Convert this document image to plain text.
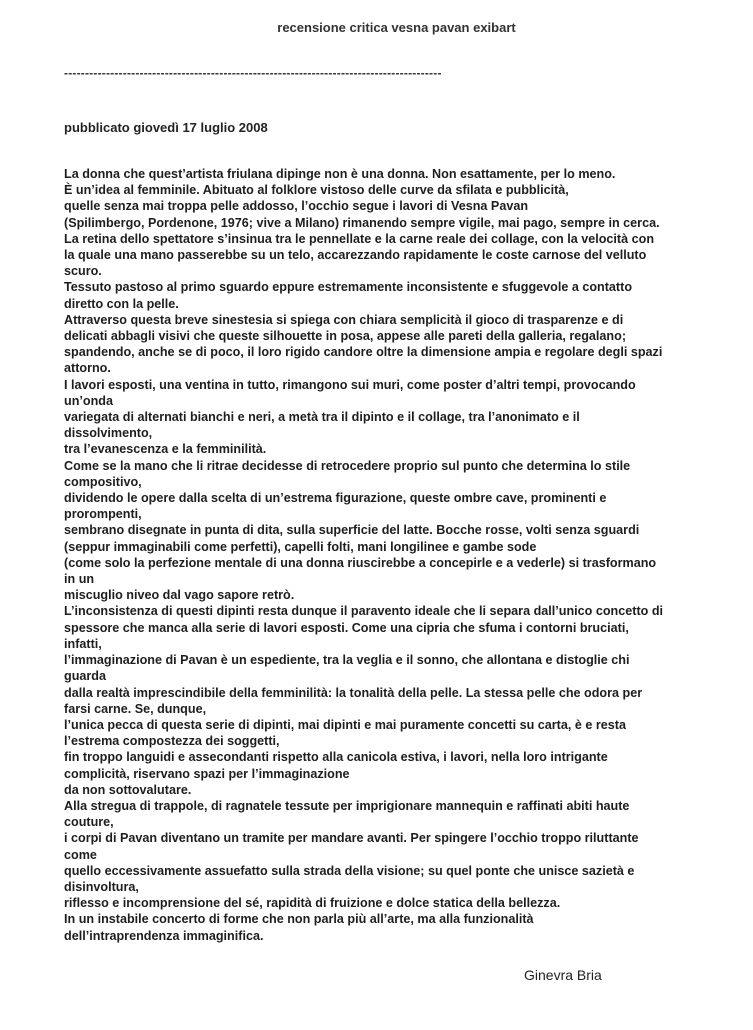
recensione critica vesna pavan exibart
------------------------------------------------------------------------------------------
pubblicato giovedì 17 luglio 2008
La donna che quest’artista friulana dipinge non è una donna. Non esattamente, per lo meno.
È un’idea al femminile. Abituato al folklore vistoso delle curve da sfilata e pubblicità,
quelle senza mai troppa pelle addosso, l’occhio segue i lavori di Vesna Pavan
(Spilimbergo, Pordenone, 1976; vive a Milano) rimanendo sempre vigile, mai pago, sempre in cerca.
La retina dello spettatore s’insinua tra le pennellate e la carne reale dei collage, con la velocità con
la quale una mano passerebbe su un telo, accarezzando rapidamente le coste carnose del velluto
scuro.
Tessuto pastoso al primo sguardo eppure estremamente inconsistente e sfuggevole a contatto
diretto con la pelle.
Attraverso questa breve sinestesia si spiega con chiara semplicità il gioco di trasparenze e di
delicati abbagli visivi che queste silhouette in posa, appese alle pareti della galleria, regalano;
spandendo, anche se di poco, il loro rigido candore oltre la dimensione ampia e regolare degli spazi
attorno.
I lavori esposti, una ventina in tutto, rimangono sui muri, come poster d’altri tempi, provocando
un’onda
variegata di alternati bianchi e neri, a metà tra il dipinto e il collage, tra l’anonimato e il
dissolvimento,
tra l’evanescenza e la femminilità.
Come se la mano che li ritrae decidesse di retrocedere proprio sul punto che determina lo stile
compositivo,
dividendo le opere dalla scelta di un’estrema figurazione, queste ombre cave, prominenti e
prorompenti,
sembrano disegnate in punta di dita, sulla superficie del latte. Bocche rosse, volti senza sguardi
(seppur immaginabili come perfetti), capelli folti, mani longilinee e gambe sode
(come solo la perfezione mentale di una donna riuscirebbe a concepirle e a vederle) si trasformano
in un
miscuglio niveo dal vago sapore retrò.
L’inconsistenza di questi dipinti resta dunque il paravento ideale che li separa dall’unico concetto di
spessore che manca alla serie di lavori esposti. Come una cipria che sfuma i contorni bruciati,
infatti,
l’immaginazione di Pavan è un espediente, tra la veglia e il sonno, che allontana e distoglie chi
guarda
dalla realtà imprescindibile della femminilità: la tonalità della pelle. La stessa pelle che odora per
farsi carne. Se, dunque,
l’unica pecca di questa serie di dipinti, mai dipinti e mai puramente concetti su carta, è e resta
l’estrema compostezza dei soggetti,
fin troppo languidi e assecondanti rispetto alla canicola estiva, i lavori, nella loro intrigante
complicità, riservano spazi per l’immaginazione
da non sottovalutare.
Alla stregua di trappole, di ragnatele tessute per imprigionare mannequin e raffinati abiti haute
couture,
i corpi di Pavan diventano un tramite per mandare avanti. Per spingere l’occhio troppo riluttante
come
quello eccessivamente assuefatto sulla strada della visione; su quel ponte che unisce sazietà e
disinvoltura,
riflesso e incomprensione del sé, rapidità di fruizione e dolce statica della bellezza.
In un instabile concerto di forme che non parla più all’arte, ma alla funzionalità
dell’intraprendenza immaginifica.
Ginevra Bria
